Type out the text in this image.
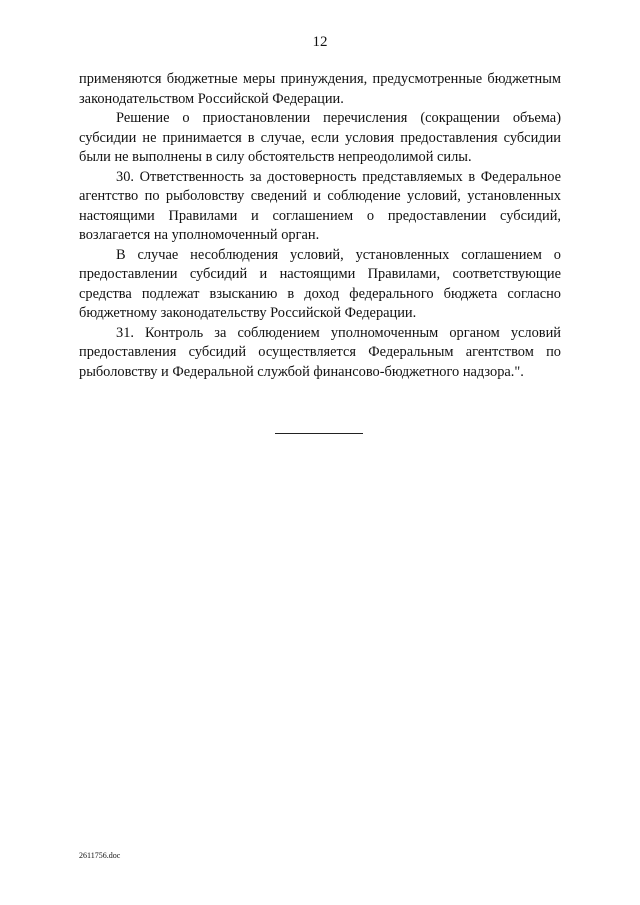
12

применяются бюджетные меры принуждения, предусмотренные бюджетным законодательством Российской Федерации.

Решение о приостановлении перечисления (сокращении объема) субсидии не принимается в случае, если условия предоставления субсидии были не выполнены в силу обстоятельств непреодолимой силы.

30. Ответственность за достоверность представляемых в Федеральное агентство по рыболовству сведений и соблюдение условий, установленных настоящими Правилами и соглашением о предоставлении субсидий, возлагается на уполномоченный орган.

В случае несоблюдения условий, установленных соглашением о предоставлении субсидий и настоящими Правилами, соответствующие средства подлежат взысканию в доход федерального бюджета согласно бюджетному законодательству Российской Федерации.

31. Контроль за соблюдением уполномоченным органом условий предоставления субсидий осуществляется Федеральным агентством по рыболовству и Федеральной службой финансово-бюджетного надзора.".

2611756.doc
